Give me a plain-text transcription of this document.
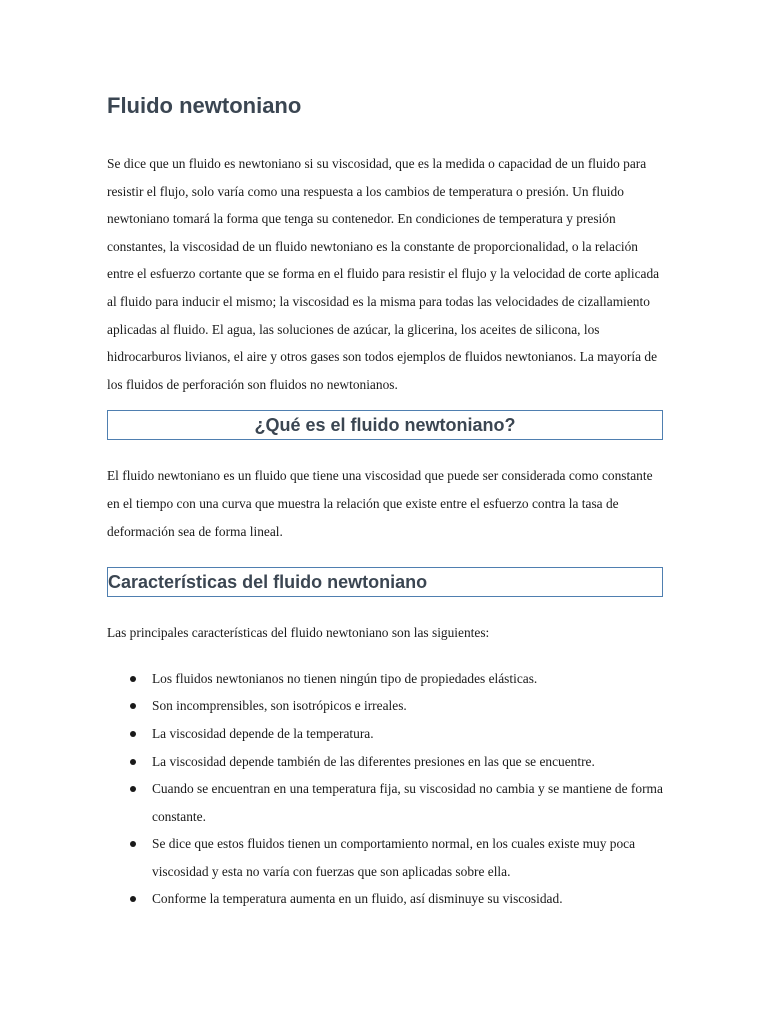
Fluido newtoniano

Se dice que un fluido es newtoniano si su viscosidad, que es la medida o capacidad de un fluido para resistir el flujo, solo varía como una respuesta a los cambios de temperatura o presión. Un fluido newtoniano tomará la forma que tenga su contenedor. En condiciones de temperatura y presión constantes, la viscosidad de un fluido newtoniano es la constante de proporcionalidad, o la relación entre el esfuerzo cortante que se forma en el fluido para resistir el flujo y la velocidad de corte aplicada al fluido para inducir el mismo; la viscosidad es la misma para todas las velocidades de cizallamiento aplicadas al fluido. El agua, las soluciones de azúcar, la glicerina, los aceites de silicona, los hidrocarburos livianos, el aire y otros gases son todos ejemplos de fluidos newtonianos. La mayoría de los fluidos de perforación son fluidos no newtonianos.

¿Qué es el fluido newtoniano?

El fluido newtoniano es un fluido que tiene una viscosidad que puede ser considerada como constante en el tiempo con una curva que muestra la relación que existe entre el esfuerzo contra la tasa de deformación sea de forma lineal.

Características del fluido newtoniano

Las principales características del fluido newtoniano son las siguientes:

Los fluidos newtonianos no tienen ningún tipo de propiedades elásticas.
Son incomprensibles, son isotrópicos e irreales.
La viscosidad depende de la temperatura.
La viscosidad depende también de las diferentes presiones en las que se encuentre.
Cuando se encuentran en una temperatura fija, su viscosidad no cambia y se mantiene de forma constante.
Se dice que estos fluidos tienen un comportamiento normal, en los cuales existe muy poca viscosidad y esta no varía con fuerzas que son aplicadas sobre ella.
Conforme la temperatura aumenta en un fluido, así disminuye su viscosidad.
